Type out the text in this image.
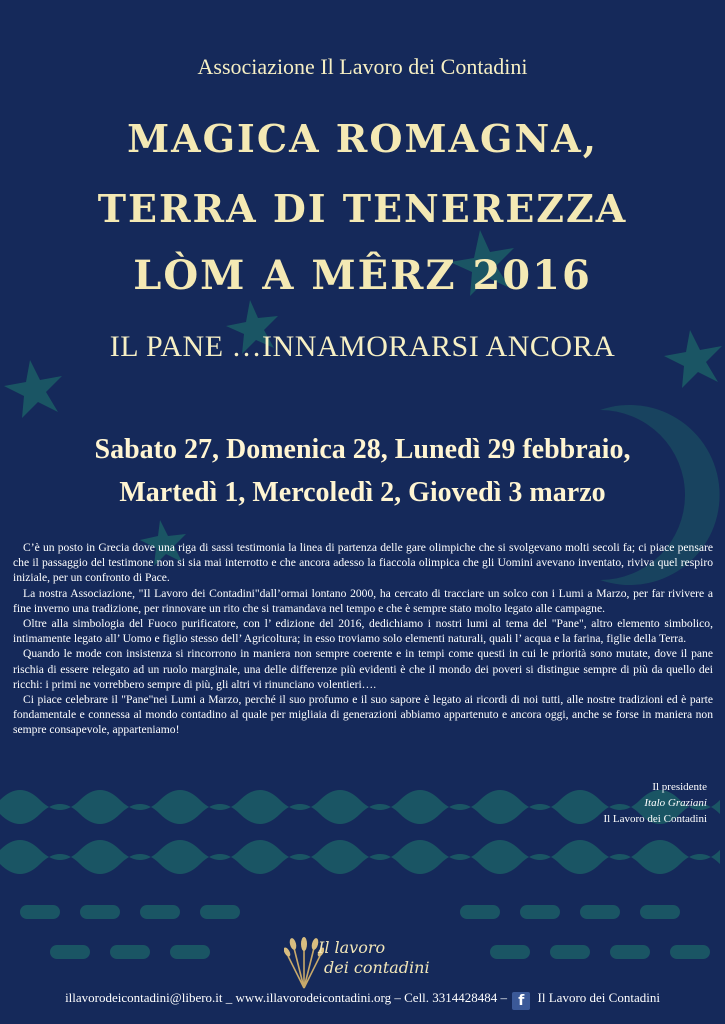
Associazione Il Lavoro dei Contadini
MAGICA ROMAGNA,
TERRA DI TENEREZZA
LÒM A MÊRZ 2016
IL PANE …INNAMORARSI ANCORA
Sabato 27, Domenica 28, Lunedì 29 febbraio,
Martedì 1, Mercoledì 2, Giovedì 3 marzo

C’è un posto in Grecia dove una riga di sassi testimonia la linea di partenza delle gare olimpiche che si svolgevano molti secoli fa; ci piace pensare che il passaggio del testimone non si sia mai interrotto e che ancora adesso la fiaccola olimpica che gli Uomini avevano inventato, riviva quel respiro iniziale, per un confronto di Pace.

La nostra Associazione, "Il Lavoro dei Contadini"dall’ormai lontano 2000, ha cercato di tracciare un solco con i Lumi a Marzo, per far rivivere a fine inverno una tradizione, per rinnovare un rito che si tramandava nel tempo e che è sempre stato molto legato alle campagne.

Oltre alla simbologia del Fuoco purificatore, con l’ edizione del 2016, dedichiamo i nostri lumi al tema del "Pane", altro elemento simbolico, intimamente legato all’ Uomo e figlio stesso dell’ Agricoltura; in esso troviamo solo elementi naturali, quali l’ acqua e la farina, figlie della Terra.

Quando le mode con insistenza si rincorrono in maniera non sempre coerente e in tempi come questi in cui le priorità sono mutate, dove il pane rischia di essere relegato ad un ruolo marginale, una delle differenze più evidenti è che il mondo dei poveri si distingue sempre di più da quello dei ricchi: i primi ne vorrebbero sempre di più, gli altri vi rinunciano volentieri….

Ci piace celebrare il "Pane"nei Lumi a Marzo, perché il suo profumo e il suo sapore è legato ai ricordi di noi tutti, alle nostre tradizioni ed è parte fondamentale e connessa al mondo contadino al quale per migliaia di generazioni abbiamo appartenuto e ancora oggi, anche se forse in maniera non sempre consapevole, apparteniamo!

Il presidente
Italo Graziani
Il Lavoro dei Contadini
Il lavoro
dei contadini
illavorodeicontadini@libero.it _ www.illavorodeicontadini.org – Cell. 3314428484 – f Il Lavoro dei Contadini
